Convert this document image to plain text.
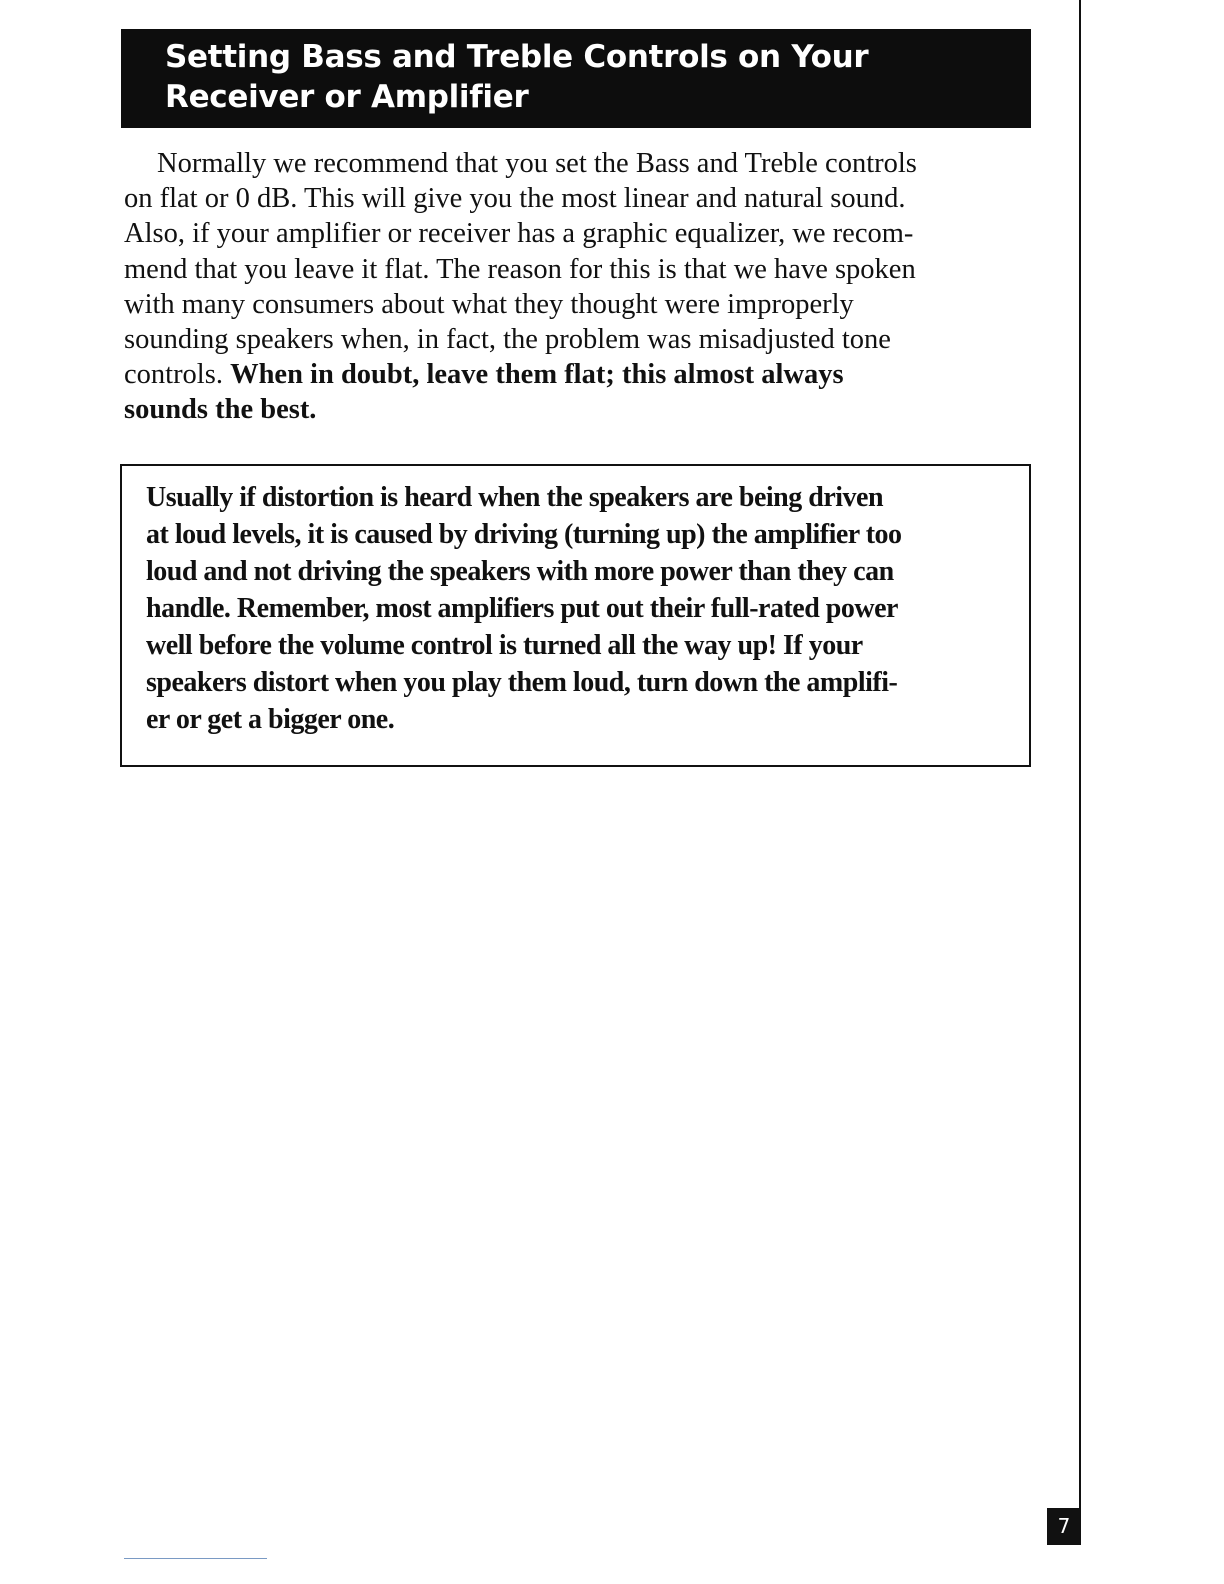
Setting Bass and Treble Controls on Your
Receiver or Amplifier

Normally we recommend that you set the Bass and Treble controls
on flat or 0 dB. This will give you the most linear and natural sound.
Also, if your amplifier or receiver has a graphic equalizer, we recom-
mend that you leave it flat. The reason for this is that we have spoken
with many consumers about what they thought were improperly
sounding speakers when, in fact, the problem was misadjusted tone
controls. When in doubt, leave them flat; this almost always
sounds the best.

Usually if distortion is heard when the speakers are being driven
at loud levels, it is caused by driving (turning up) the amplifier too
loud and not driving the speakers with more power than they can
handle. Remember, most amplifiers put out their full-rated power
well before the volume control is turned all the way up! If your
speakers distort when you play them loud, turn down the amplifi-
er or get a bigger one.

7
